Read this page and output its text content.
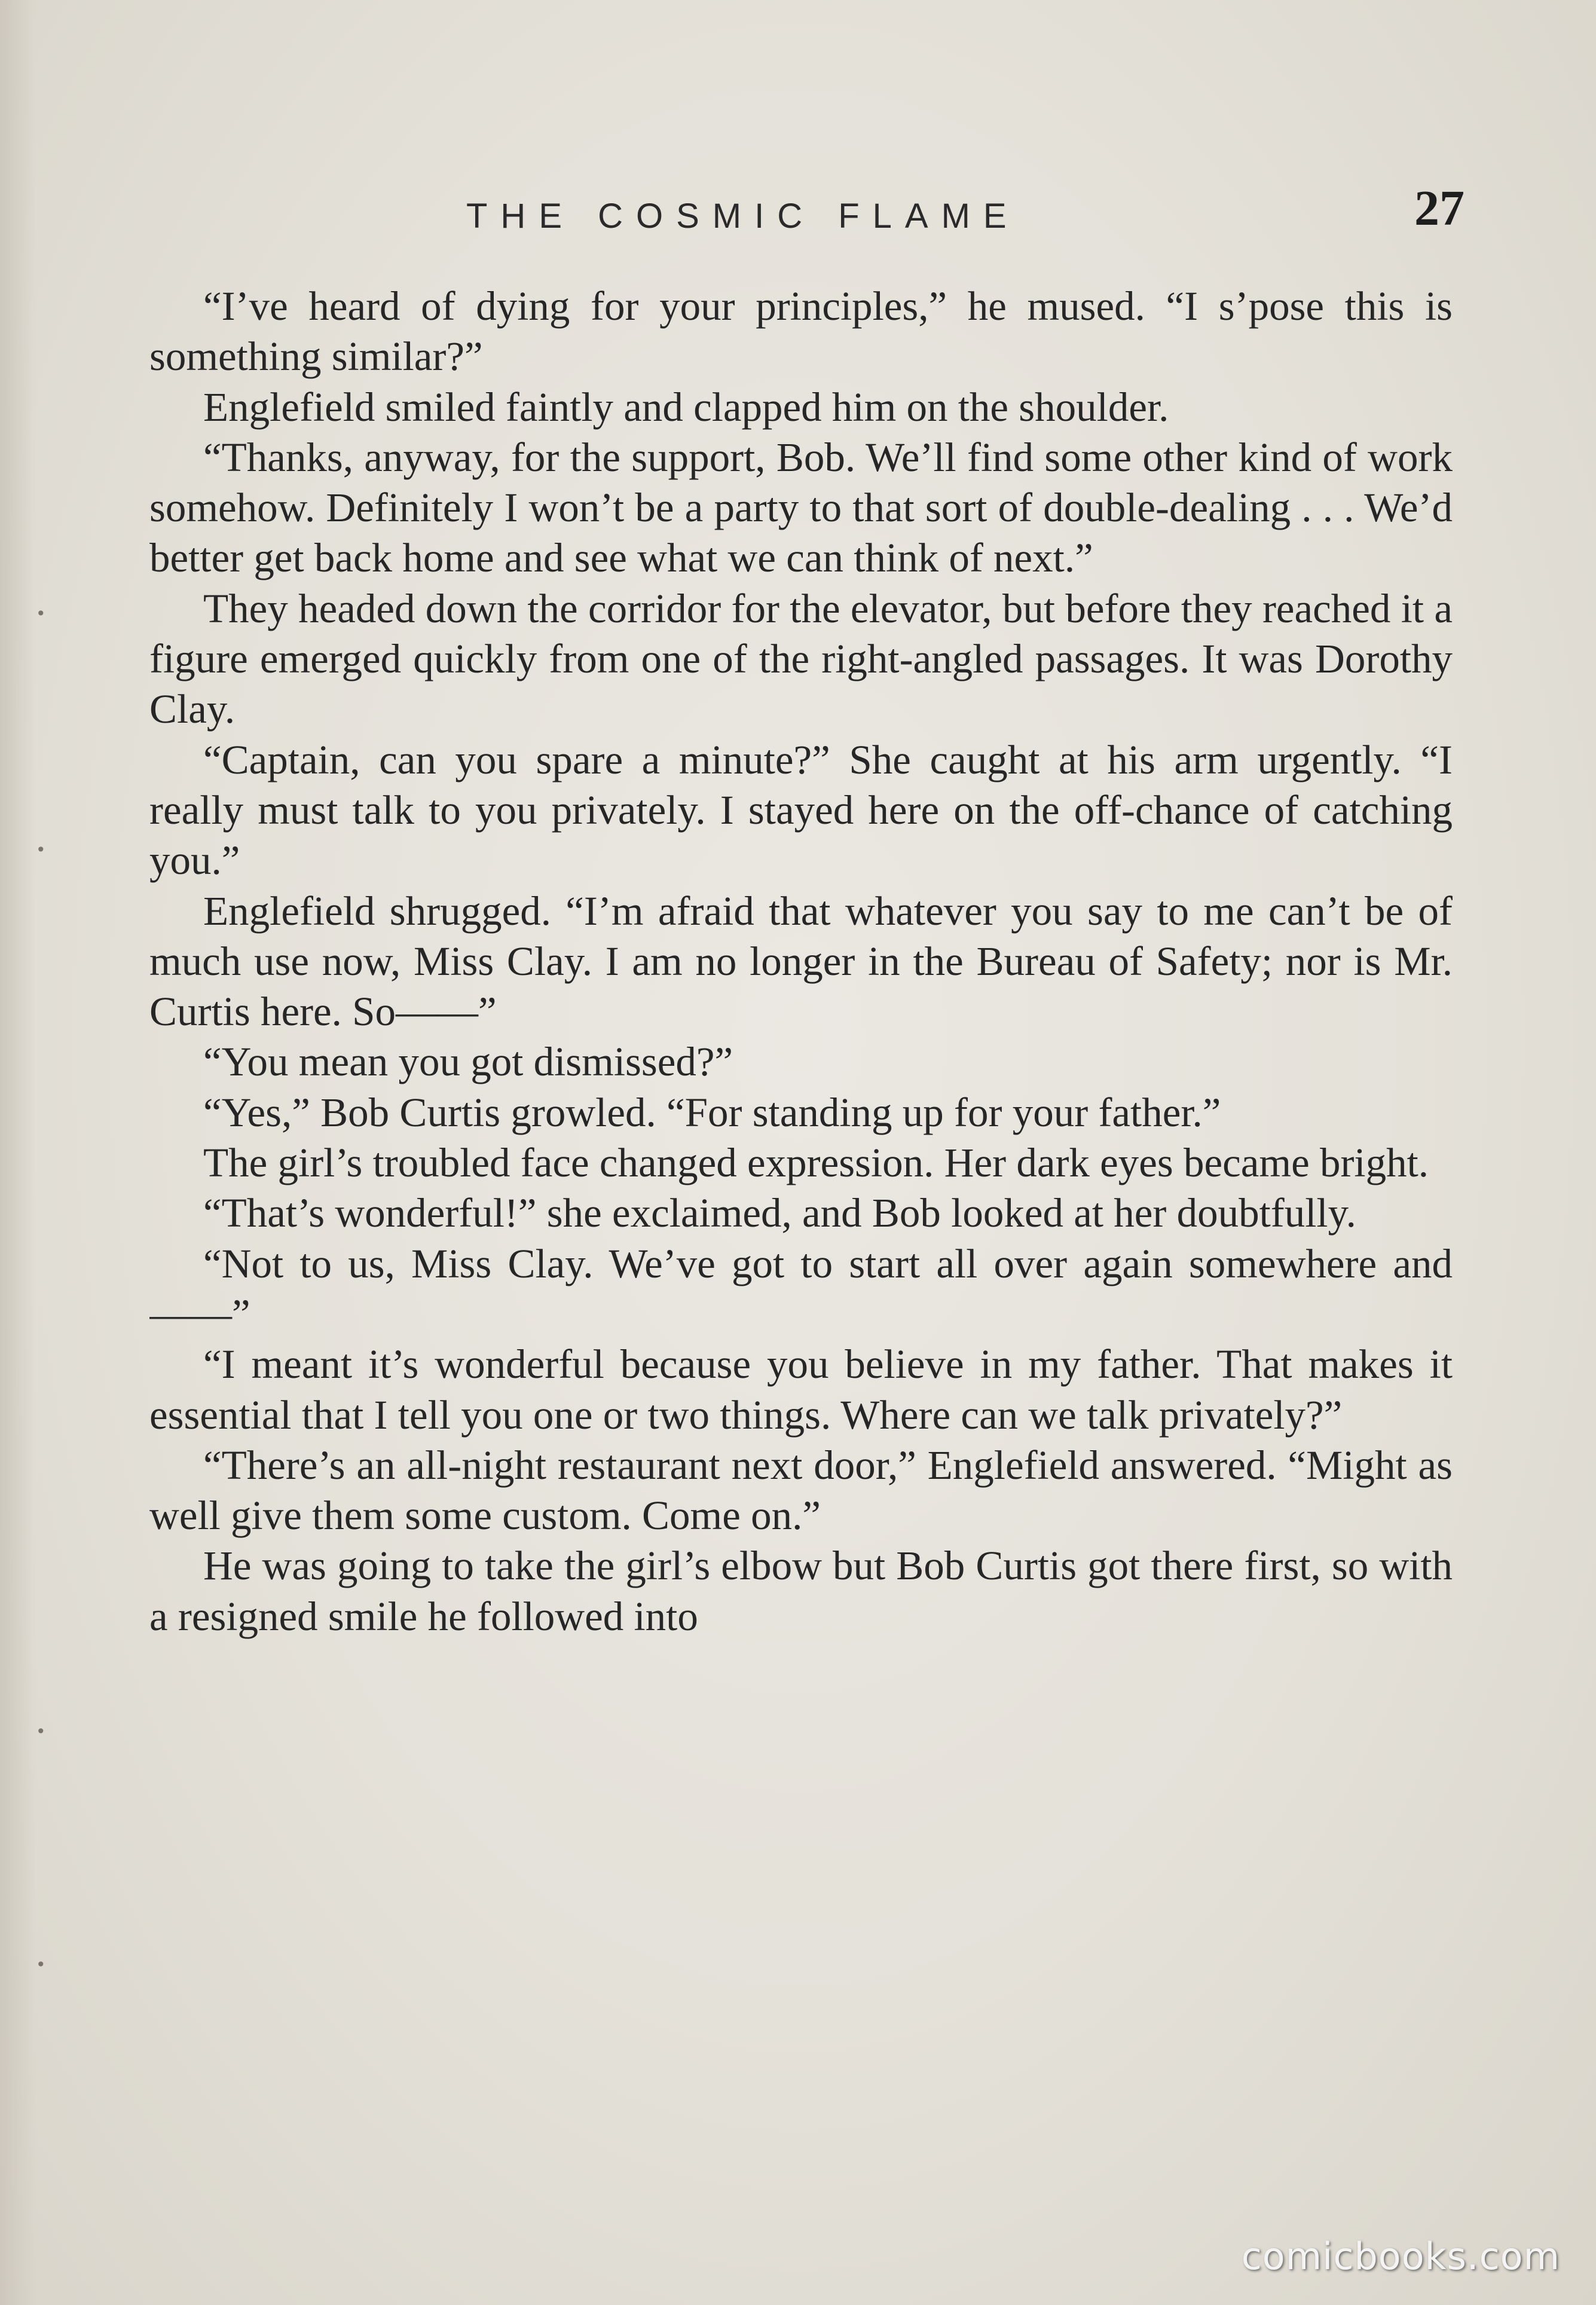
•
•
•
•
THE COSMIC FLAME	27

“I’ve heard of dying for your principles,” he mused. “I s’pose this is something similar?”

Englefield smiled faintly and clapped him on the shoulder.

“Thanks, anyway, for the support, Bob. We’ll find some other kind of work somehow. Definitely I won’t be a party to that sort of double-dealing . . . We’d better get back home and see what we can think of next.”

They headed down the corridor for the elevator, but before they reached it a figure emerged quickly from one of the right-angled passages. It was Dorothy Clay.

“Captain, can you spare a minute?” She caught at his arm urgently. “I really must talk to you privately. I stayed here on the off-chance of catching you.”

Englefield shrugged. “I’m afraid that whatever you say to me can’t be of much use now, Miss Clay. I am no longer in the Bureau of Safety; nor is Mr. Curtis here. So——”

“You mean you got dismissed?”

“Yes,” Bob Curtis growled. “For standing up for your father.”

The girl’s troubled face changed expression. Her dark eyes became bright.

“That’s wonderful!” she exclaimed, and Bob looked at her doubtfully.

“Not to us, Miss Clay. We’ve got to start all over again somewhere and——”

“I meant it’s wonderful because you believe in my father. That makes it essential that I tell you one or two things. Where can we talk privately?”

“There’s an all-night restaurant next door,” Englefield answered. “Might as well give them some custom. Come on.”

He was going to take the girl’s elbow but Bob Curtis got there first, so with a resigned smile he followed into

comicbooks.com
